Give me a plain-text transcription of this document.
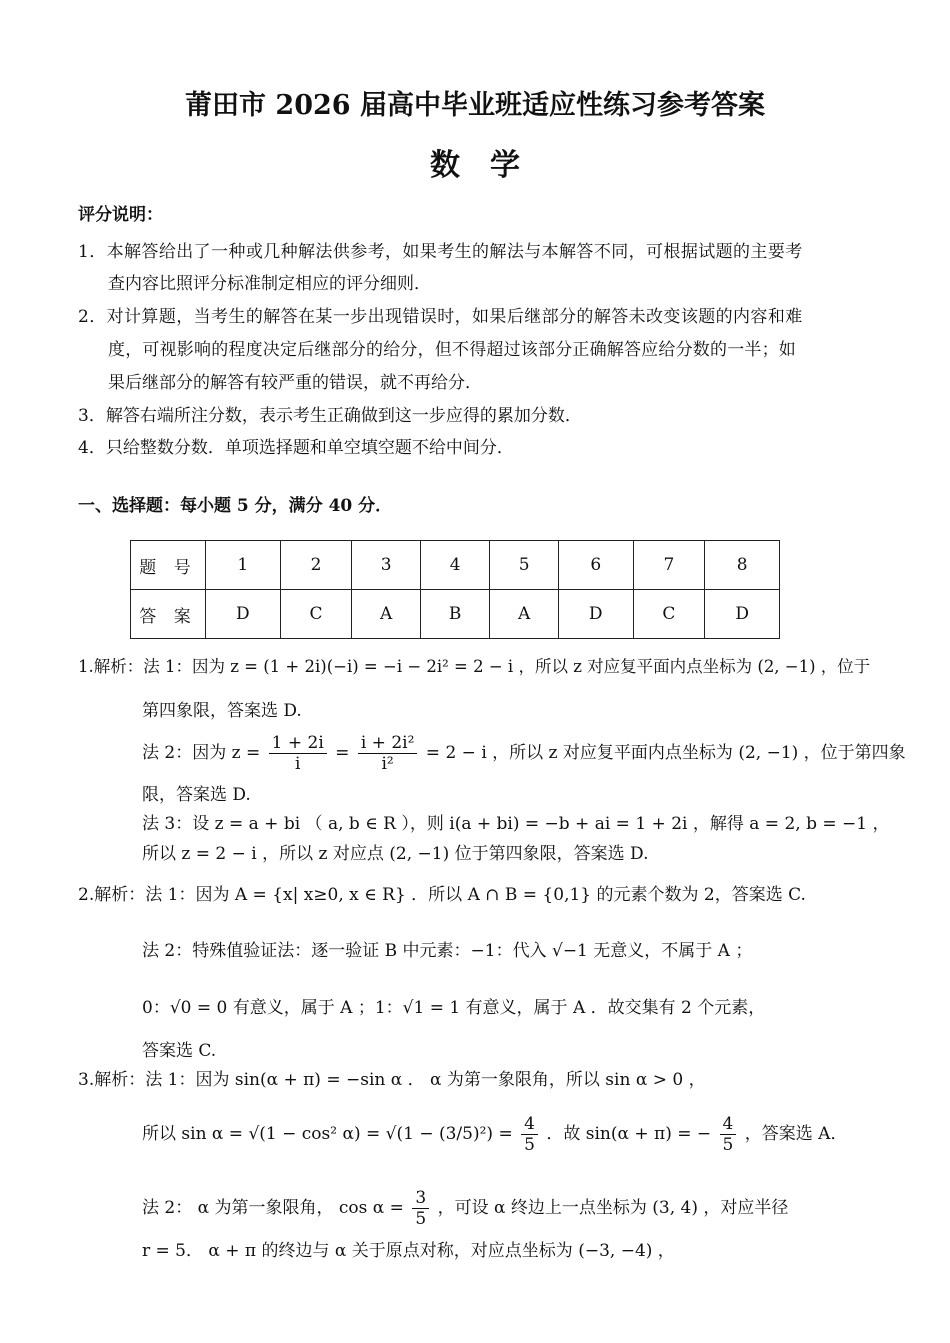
莆田市 2026 届高中毕业班适应性练习参考答案
数　学
评分说明：
1．本解答给出了一种或几种解法供参考，如果考生的解法与本解答不同，可根据试题的主要考
查内容比照评分标准制定相应的评分细则．
2．对计算题，当考生的解答在某一步出现错误时，如果后继部分的解答未改变该题的内容和难
度，可视影响的程度决定后继部分的给分，但不得超过该部分正确解答应给分数的一半；如
果后继部分的解答有较严重的错误，就不再给分．
3．解答右端所注分数，表示考生正确做到这一步应得的累加分数．
4．只给整数分数．单项选择题和单空填空题不给中间分．
一、选择题：每小题 5 分，满分 40 分．
题 号	1	2	3	4	5	6	7	8
答 案	D	C	A	B	A	D	C	D
1.解析：法 1：因为 z = (1 + 2i)(−i) = −i − 2i² = 2 − i ，所以 z 对应复平面内点坐标为 (2, −1) ，位于
第四象限，答案选 D.
法 2：因为 $z = \frac{1 + 2i}{i} = \frac{\text{i + 2i²}}{\text{i²}} = 2 - i$ ，所以 z 对应复平面内点坐标为 (2, −1) ，位于第四象
限，答案选 D.
法 3：设 z = a + bi （ a, b ∈ R ），则 i(a + bi) = −b + ai = 1 + 2i ，解得 a = 2, b = −1 ，
所以 z = 2 − i ，所以 z 对应点 (2, −1) 位于第四象限，答案选 D.
2.解析：法 1：因为 A = {x| x≥0, x ∈ R} ．所以 A ∩ B = {0,1} 的元素个数为 2，答案选 C.
法 2：特殊值验证法：逐一验证 B 中元素：−1：代入 √−1 无意义，不属于 A ；
0：√0 = 0 有意义，属于 A ；1：√1 = 1 有意义，属于 A ．故交集有 2 个元素，
答案选 C.
3.解析：法 1：因为 sin(α + π) = −sin α ． α 为第一象限角，所以 sin α > 0 ，
所以 sin α = √(1 − cos² $\alpha) = √(1 - (3/5)^2) = \frac{4}{5}$ ．故 sin(α + π) = − $\frac{4}{5}$ ，答案选 A．
法 2： α 为第一象限角， $\cos \alpha = \frac{3}{5}$ ，可设 α 终边上一点坐标为 (3, 4) ，对应半径
r = 5． α + π 的终边与 α 关于原点对称，对应点坐标为 (−3, −4) ，
